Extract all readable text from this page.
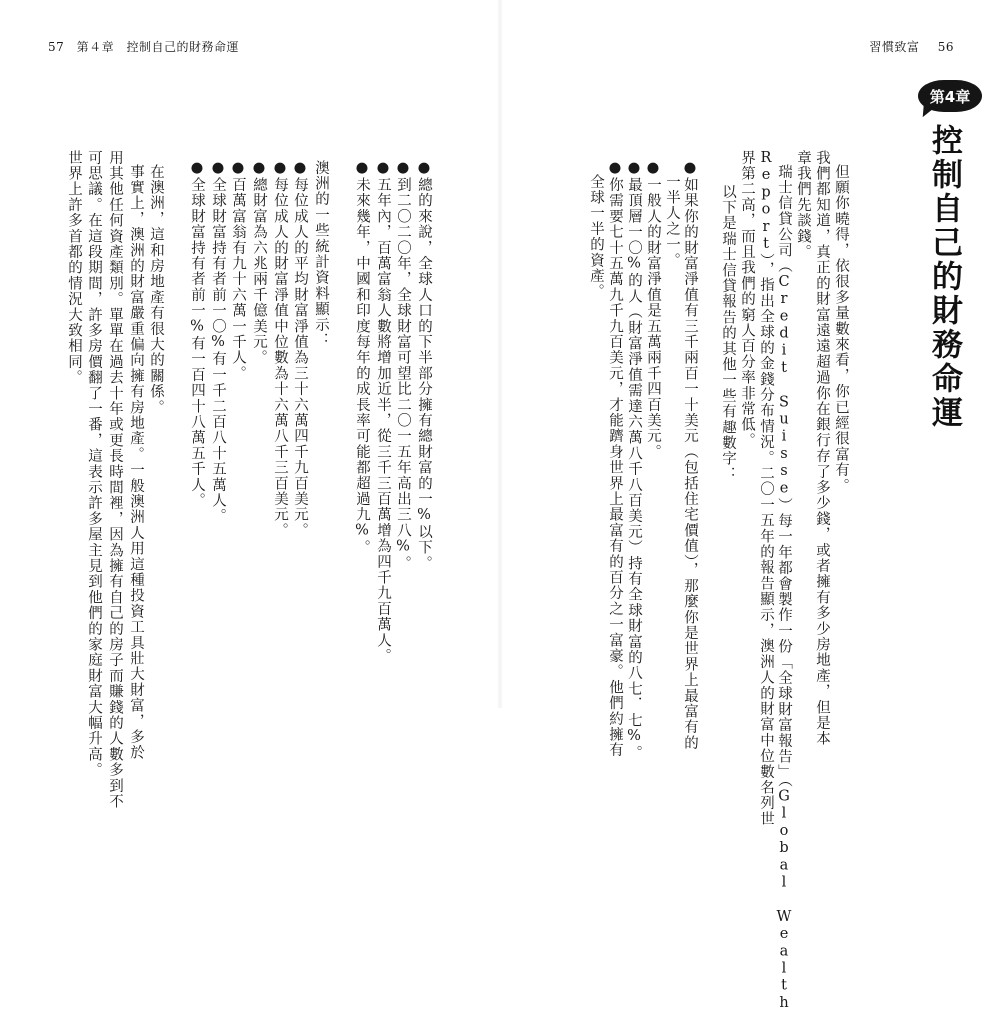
57 第４章 控制自己的財務命運	習慣致富 56
第4章
控制自己的財務命運
但願你曉得，依很多量數來看，你已經很富有。
我們都知道，真正的財富遠遠超過你在銀行存了多少錢，或者擁有多少房地產，但是本
章我們先談錢。
瑞士信貸公司（Credit Suisse）每一年都會製作一份「全球財富報告」（Global Wealth
Report），指出全球的金錢分布情況。二〇一五年的報告顯示，澳洲人的財富中位數名列世
界第二高，而且我們的窮人百分率非常低。
以下是瑞士信貸報告的其他一些有趣數字：
●如果你的財富淨值有三千兩百一十美元（包括住宅價值），那麼你是世界上最富有的
一半人之一。
●一般人的財富淨值是五萬兩千四百美元。
●最頂層一〇%的人（財富淨值需達六萬八千八百美元）持有全球財富的八七．七%。
●你需要七十五萬九千九百美元，才能躋身世界上最富有的百分之一富豪。他們約擁有
全球一半的資產。
●總的來說，全球人口的下半部分擁有總財富的一%以下。
●到二〇二〇年，全球財富可望比二〇一五年高出三八%。
●五年內，百萬富翁人數將增加近半，從三千三百萬增為四千九百萬人。
●未來幾年，中國和印度每年的成長率可能都超過九%。
澳洲的一些統計資料顯示：
●每位成人的平均財富淨值為三十六萬四千九百美元。
●每位成人的財富淨值中位數為十六萬八千三百美元。
●總財富為六兆兩千億美元。
●百萬富翁有九十六萬一千人。
●全球財富持有者前一〇%有一千二百八十五萬人。
●全球財富持有者前一%有一百四十八萬五千人。
在澳洲，這和房地產有很大的關係。
事實上，澳洲的財富嚴重偏向擁有房地產。一般澳洲人用這種投資工具壯大財富，多於
用其他任何資產類別。單單在過去十年或更長時間裡，因為擁有自己的房子而賺錢的人數多到不
可思議。在這段期間，許多房價翻了一番，這表示許多屋主見到他們的家庭財富大幅升高。
世界上許多首都的情況大致相同。
